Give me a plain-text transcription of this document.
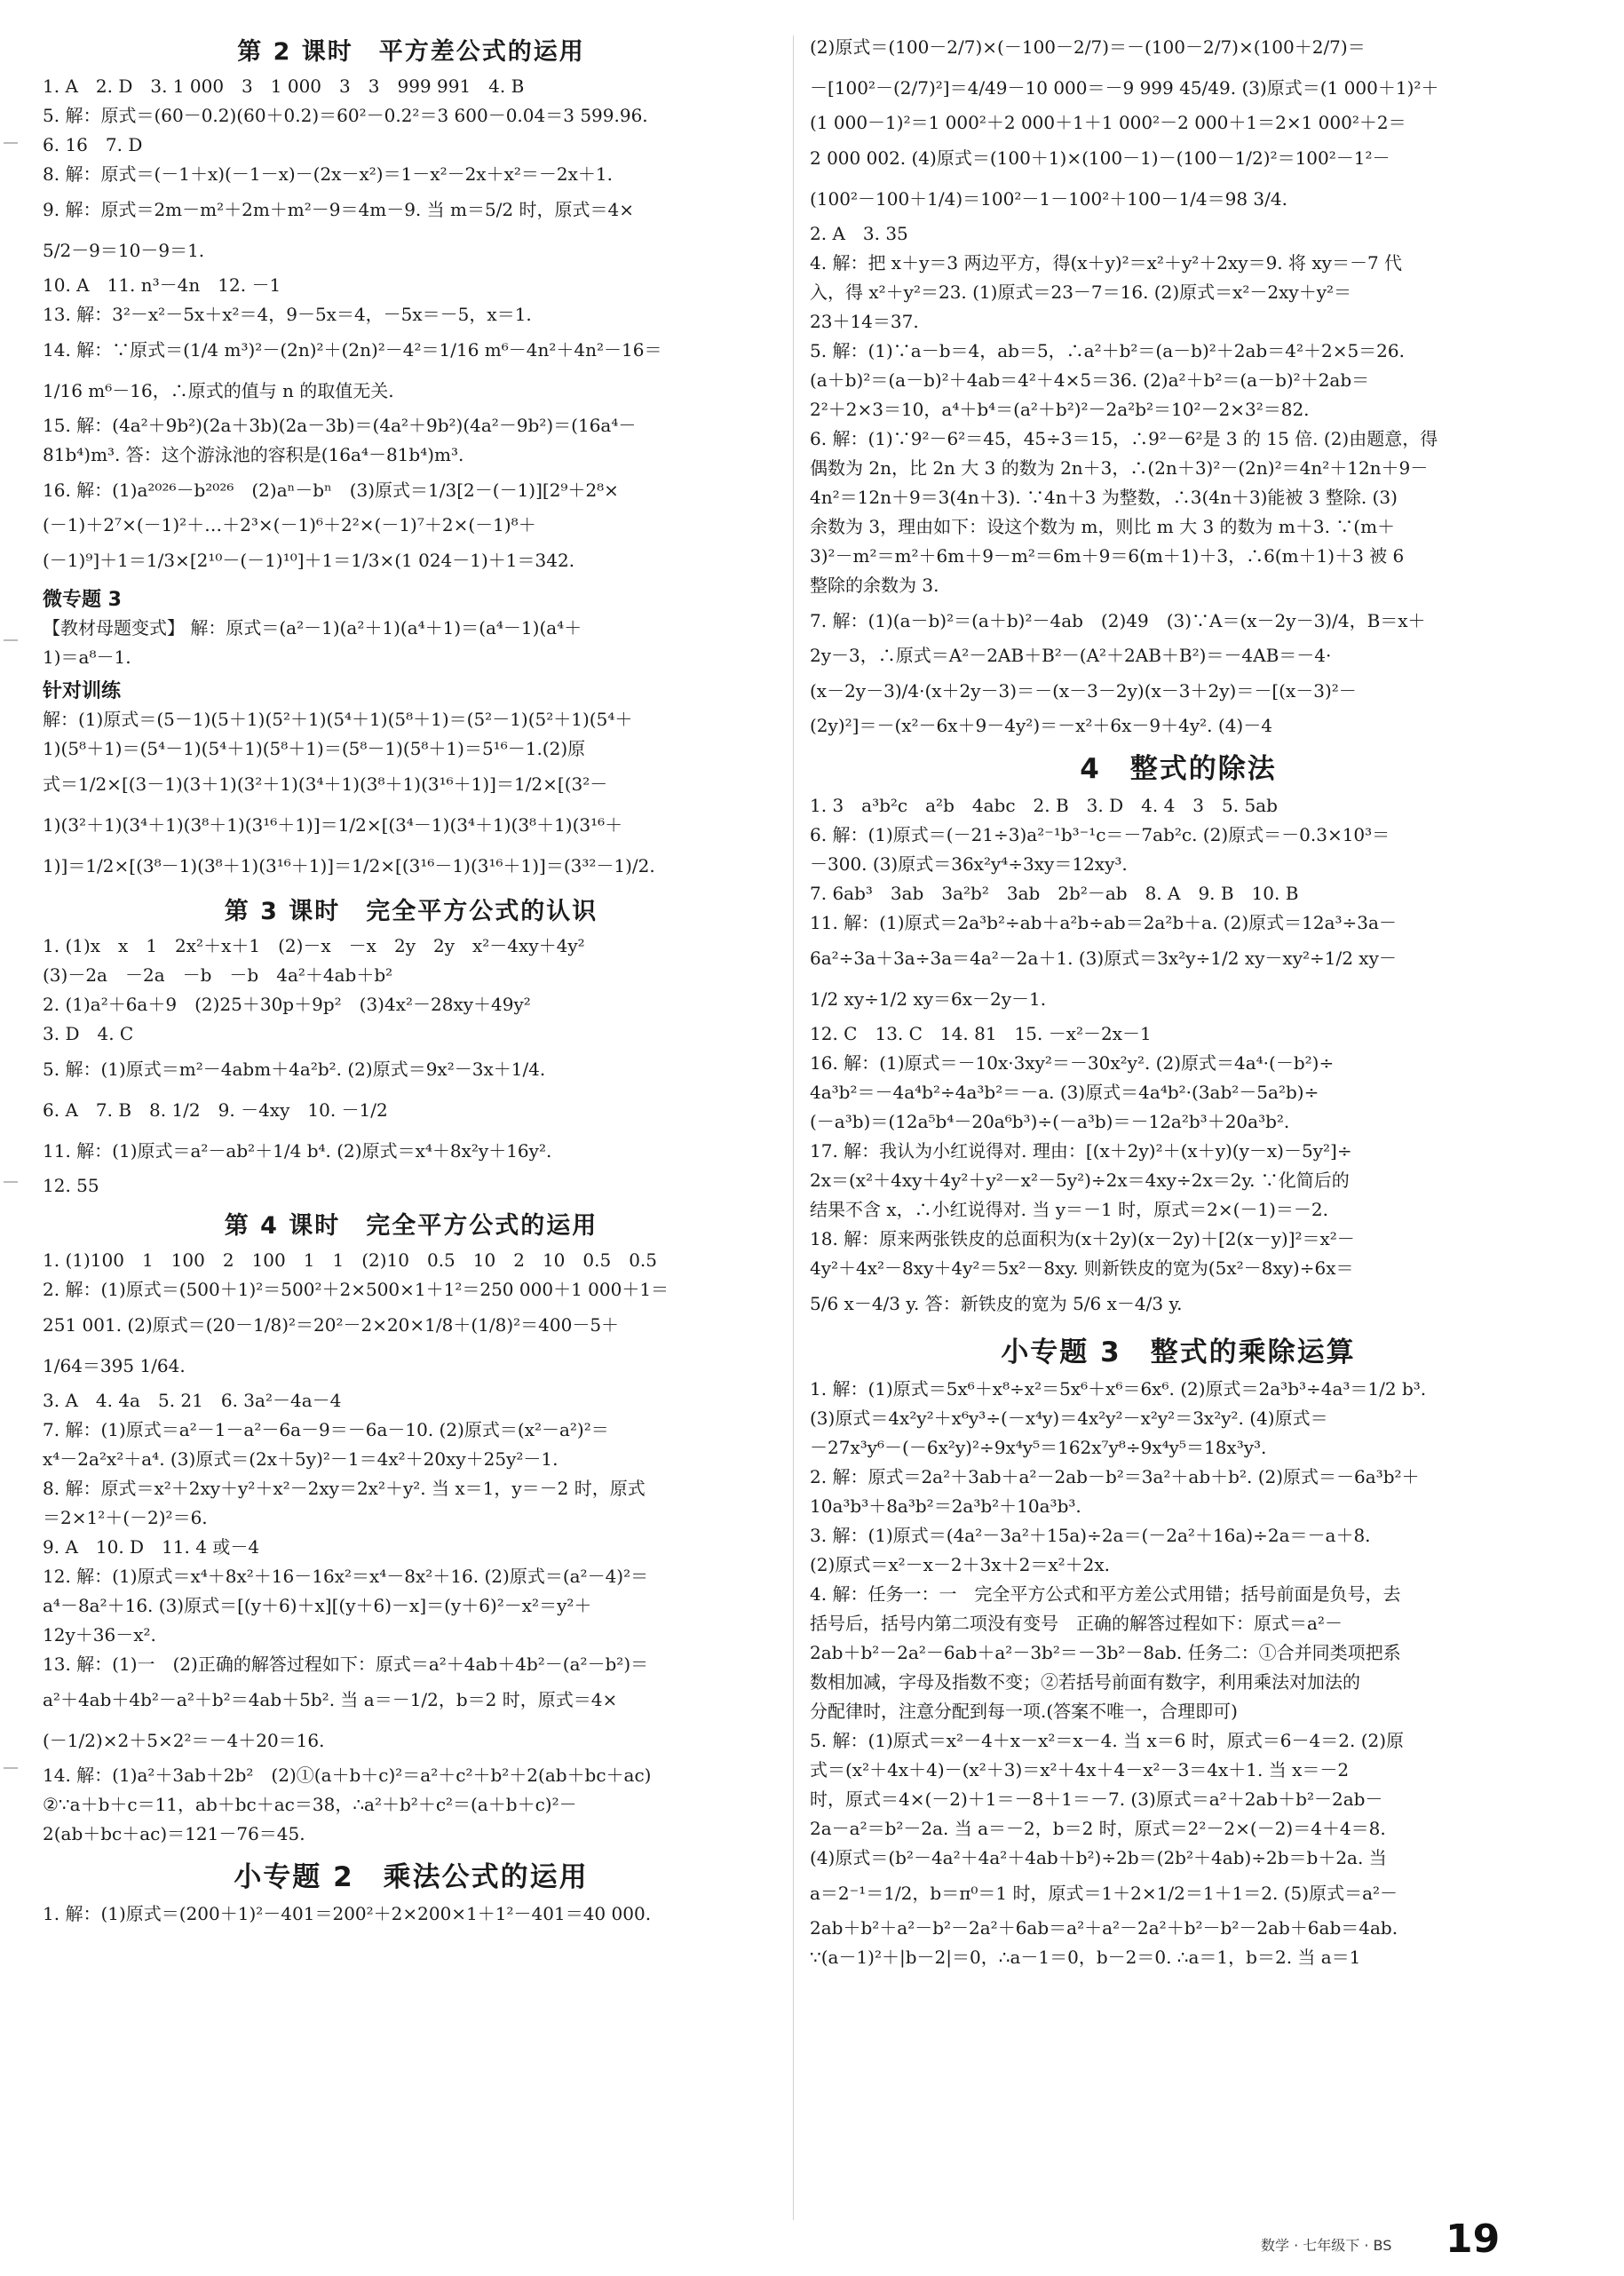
第 2 课时　平方差公式的运用

1. A　2. D　3. 1 000　3　1 000　3　3　999 991　4. B

5. 解：原式＝(60－0.2)(60＋0.2)＝60²－0.2²＝3 600－0.04＝3 599.96.

6. 16　7. D

8. 解：原式＝(－1＋x)(－1－x)－(2x－x²)＝1－x²－2x＋x²＝－2x＋1.

9. 解：原式＝2m－m²＋2m＋m²－9＝4m－9. 当 m＝5/2 时，原式＝4×

5/2－9＝10－9＝1.

10. A　11. n³－4n　12. －1

13. 解：3²－x²－5x＋x²＝4，9－5x＝4，－5x＝－5，x＝1.

14. 解：∵原式＝(1/4 m³)²－(2n)²＋(2n)²－4²＝1/16 m⁶－4n²＋4n²－16＝

1/16 m⁶－16，∴原式的值与 n 的取值无关.

15. 解：(4a²＋9b²)(2a＋3b)(2a－3b)＝(4a²＋9b²)(4a²－9b²)＝(16a⁴－

81b⁴)m³. 答：这个游泳池的容积是(16a⁴－81b⁴)m³.

16. 解：(1)a²⁰²⁶－b²⁰²⁶　(2)aⁿ－bⁿ　(3)原式＝1/3[2－(－1)][2⁹＋2⁸×

(－1)＋2⁷×(－1)²＋…＋2³×(－1)⁶＋2²×(－1)⁷＋2×(－1)⁸＋

(－1)⁹]＋1＝1/3×[2¹⁰－(－1)¹⁰]＋1＝1/3×(1 024－1)＋1＝342.

微专题 3

【教材母题变式】 解：原式＝(a²－1)(a²＋1)(a⁴＋1)＝(a⁴－1)(a⁴＋

1)＝a⁸－1.

针对训练

解：(1)原式＝(5－1)(5＋1)(5²＋1)(5⁴＋1)(5⁸＋1)＝(5²－1)(5²＋1)(5⁴＋

1)(5⁸＋1)＝(5⁴－1)(5⁴＋1)(5⁸＋1)＝(5⁸－1)(5⁸＋1)＝5¹⁶－1.(2)原

式＝1/2×[(3－1)(3＋1)(3²＋1)(3⁴＋1)(3⁸＋1)(3¹⁶＋1)]＝1/2×[(3²－

1)(3²＋1)(3⁴＋1)(3⁸＋1)(3¹⁶＋1)]＝1/2×[(3⁴－1)(3⁴＋1)(3⁸＋1)(3¹⁶＋

1)]＝1/2×[(3⁸－1)(3⁸＋1)(3¹⁶＋1)]＝1/2×[(3¹⁶－1)(3¹⁶＋1)]＝(3³²－1)/2.

第 3 课时　完全平方公式的认识

1. (1)x　x　1　2x²＋x＋1　(2)－x　－x　2y　2y　x²－4xy＋4y²

(3)－2a　－2a　－b　－b　4a²＋4ab＋b²

2. (1)a²＋6a＋9　(2)25＋30p＋9p²　(3)4x²－28xy＋49y²

3. D　4. C

5. 解：(1)原式＝m²－4abm＋4a²b². (2)原式＝9x²－3x＋1/4.

6. A　7. B　8. 1/2　9. －4xy　10. －1/2

11. 解：(1)原式＝a²－ab²＋1/4 b⁴. (2)原式＝x⁴＋8x²y＋16y².

12. 55

第 4 课时　完全平方公式的运用

1. (1)100　1　100　2　100　1　1　(2)10　0.5　10　2　10　0.5　0.5

2. 解：(1)原式＝(500＋1)²＝500²＋2×500×1＋1²＝250 000＋1 000＋1＝

251 001. (2)原式＝(20－1/8)²＝20²－2×20×1/8＋(1/8)²＝400－5＋

1/64＝395 1/64.

3. A　4. 4a　5. 21　6. 3a²－4a－4

7. 解：(1)原式＝a²－1－a²－6a－9＝－6a－10. (2)原式＝(x²－a²)²＝

x⁴－2a²x²＋a⁴. (3)原式＝(2x＋5y)²－1＝4x²＋20xy＋25y²－1.

8. 解：原式＝x²＋2xy＋y²＋x²－2xy＝2x²＋y². 当 x＝1，y＝－2 时，原式

＝2×1²＋(－2)²＝6.

9. A　10. D　11. 4 或－4

12. 解：(1)原式＝x⁴＋8x²＋16－16x²＝x⁴－8x²＋16. (2)原式＝(a²－4)²＝

a⁴－8a²＋16. (3)原式＝[(y＋6)＋x][(y＋6)－x]＝(y＋6)²－x²＝y²＋

12y＋36－x².

13. 解：(1)一　(2)正确的解答过程如下：原式＝a²＋4ab＋4b²－(a²－b²)＝

a²＋4ab＋4b²－a²＋b²＝4ab＋5b². 当 a＝－1/2，b＝2 时，原式＝4×

(－1/2)×2＋5×2²＝－4＋20＝16.

14. 解：(1)a²＋3ab＋2b²　(2)①(a＋b＋c)²＝a²＋c²＋b²＋2(ab＋bc＋ac)

②∵a＋b＋c＝11，ab＋bc＋ac＝38，∴a²＋b²＋c²＝(a＋b＋c)²－

2(ab＋bc＋ac)＝121－76＝45.

小专题 2　乘法公式的运用

1. 解：(1)原式＝(200＋1)²－401＝200²＋2×200×1＋1²－401＝40 000.

(2)原式＝(100－2/7)×(－100－2/7)＝－(100－2/7)×(100＋2/7)＝

－[100²－(2/7)²]＝4/49－10 000＝－9 999 45/49. (3)原式＝(1 000＋1)²＋

(1 000－1)²＝1 000²＋2 000＋1＋1 000²－2 000＋1＝2×1 000²＋2＝

2 000 002. (4)原式＝(100＋1)×(100－1)－(100－1/2)²＝100²－1²－

(100²－100＋1/4)＝100²－1－100²＋100－1/4＝98 3/4.

2. A　3. 35

4. 解：把 x＋y＝3 两边平方，得(x＋y)²＝x²＋y²＋2xy＝9. 将 xy＝－7 代

入，得 x²＋y²＝23. (1)原式＝23－7＝16. (2)原式＝x²－2xy＋y²＝

23＋14＝37.

5. 解：(1)∵a－b＝4，ab＝5，∴a²＋b²＝(a－b)²＋2ab＝4²＋2×5＝26.

(a＋b)²＝(a－b)²＋4ab＝4²＋4×5＝36. (2)a²＋b²＝(a－b)²＋2ab＝

2²＋2×3＝10，a⁴＋b⁴＝(a²＋b²)²－2a²b²＝10²－2×3²＝82.

6. 解：(1)∵9²－6²＝45，45÷3＝15，∴9²－6²是 3 的 15 倍. (2)由题意，得

偶数为 2n，比 2n 大 3 的数为 2n＋3，∴(2n＋3)²－(2n)²＝4n²＋12n＋9－

4n²＝12n＋9＝3(4n＋3). ∵4n＋3 为整数，∴3(4n＋3)能被 3 整除. (3)

余数为 3，理由如下：设这个数为 m，则比 m 大 3 的数为 m＋3. ∵(m＋

3)²－m²＝m²＋6m＋9－m²＝6m＋9＝6(m＋1)＋3，∴6(m＋1)＋3 被 6

整除的余数为 3.

7. 解：(1)(a－b)²＝(a＋b)²－4ab　(2)49　(3)∵A＝(x－2y－3)/4，B＝x＋

2y－3，∴原式＝A²－2AB＋B²－(A²＋2AB＋B²)＝－4AB＝－4·

(x－2y－3)/4·(x＋2y－3)＝－(x－3－2y)(x－3＋2y)＝－[(x－3)²－

(2y)²]＝－(x²－6x＋9－4y²)＝－x²＋6x－9＋4y². (4)－4

4　整式的除法

1. 3　a³b²c　a²b　4abc　2. B　3. D　4. 4　3　5. 5ab

6. 解：(1)原式＝(－21÷3)a²⁻¹b³⁻¹c＝－7ab²c. (2)原式＝－0.3×10³＝

－300. (3)原式＝36x²y⁴÷3xy＝12xy³.

7. 6ab³　3ab　3a²b²　3ab　2b²－ab　8. A　9. B　10. B

11. 解：(1)原式＝2a³b²÷ab＋a²b÷ab＝2a²b＋a. (2)原式＝12a³÷3a－

6a²÷3a＋3a÷3a＝4a²－2a＋1. (3)原式＝3x²y÷1/2 xy－xy²÷1/2 xy－

1/2 xy÷1/2 xy＝6x－2y－1.

12. C　13. C　14. 81　15. －x²－2x－1

16. 解：(1)原式＝－10x·3xy²＝－30x²y². (2)原式＝4a⁴·(－b²)÷

4a³b²＝－4a⁴b²÷4a³b²＝－a. (3)原式＝4a⁴b²·(3ab²－5a²b)÷

(－a³b)＝(12a⁵b⁴－20a⁶b³)÷(－a³b)＝－12a²b³＋20a³b².

17. 解：我认为小红说得对. 理由：[(x＋2y)²＋(x＋y)(y－x)－5y²]÷

2x＝(x²＋4xy＋4y²＋y²－x²－5y²)÷2x＝4xy÷2x＝2y. ∵化简后的

结果不含 x，∴小红说得对. 当 y＝－1 时，原式＝2×(－1)＝－2.

18. 解：原来两张铁皮的总面积为(x＋2y)(x－2y)＋[2(x－y)]²＝x²－

4y²＋4x²－8xy＋4y²＝5x²－8xy. 则新铁皮的宽为(5x²－8xy)÷6x＝

5/6 x－4/3 y. 答：新铁皮的宽为 5/6 x－4/3 y.

小专题 3　整式的乘除运算

1. 解：(1)原式＝5x⁶＋x⁸÷x²＝5x⁶＋x⁶＝6x⁶. (2)原式＝2a³b³÷4a³＝1/2 b³.

(3)原式＝4x²y²＋x⁶y³÷(－x⁴y)＝4x²y²－x²y²＝3x²y². (4)原式＝

－27x³y⁶－(－6x²y)²÷9x⁴y⁵＝162x⁷y⁸÷9x⁴y⁵＝18x³y³.

2. 解：原式＝2a²＋3ab＋a²－2ab－b²＝3a²＋ab＋b². (2)原式＝－6a³b²＋

10a³b³＋8a³b²＝2a³b²＋10a³b³.

3. 解：(1)原式＝(4a²－3a²＋15a)÷2a＝(－2a²＋16a)÷2a＝－a＋8.

(2)原式＝x²－x－2＋3x＋2＝x²＋2x.

4. 解：任务一：一　完全平方公式和平方差公式用错；括号前面是负号，去

括号后，括号内第二项没有变号　正确的解答过程如下：原式＝a²－

2ab＋b²－2a²－6ab＋a²－3b²＝－3b²－8ab. 任务二：①合并同类项把系

数相加减，字母及指数不变；②若括号前面有数字，利用乘法对加法的

分配律时，注意分配到每一项.(答案不唯一，合理即可)

5. 解：(1)原式＝x²－4＋x－x²＝x－4. 当 x＝6 时，原式＝6－4＝2. (2)原

式＝(x²＋4x＋4)－(x²＋3)＝x²＋4x＋4－x²－3＝4x＋1. 当 x＝－2

时，原式＝4×(－2)＋1＝－8＋1＝－7. (3)原式＝a²＋2ab＋b²－2ab－

2a－a²＝b²－2a. 当 a＝－2，b＝2 时，原式＝2²－2×(－2)＝4＋4＝8.

(4)原式＝(b²－4a²＋4a²＋4ab＋b²)÷2b＝(2b²＋4ab)÷2b＝b＋2a. 当

a＝2⁻¹＝1/2，b＝π⁰＝1 时，原式＝1＋2×1/2＝1＋1＝2. (5)原式＝a²－

2ab＋b²＋a²－b²－2a²＋6ab＝a²＋a²－2a²＋b²－b²－2ab＋6ab＝4ab.

∵(a－1)²＋|b－2|＝0，∴a－1＝0，b－2＝0. ∴a＝1，b＝2. 当 a＝1

数学 · 七年级下 · BS 19
